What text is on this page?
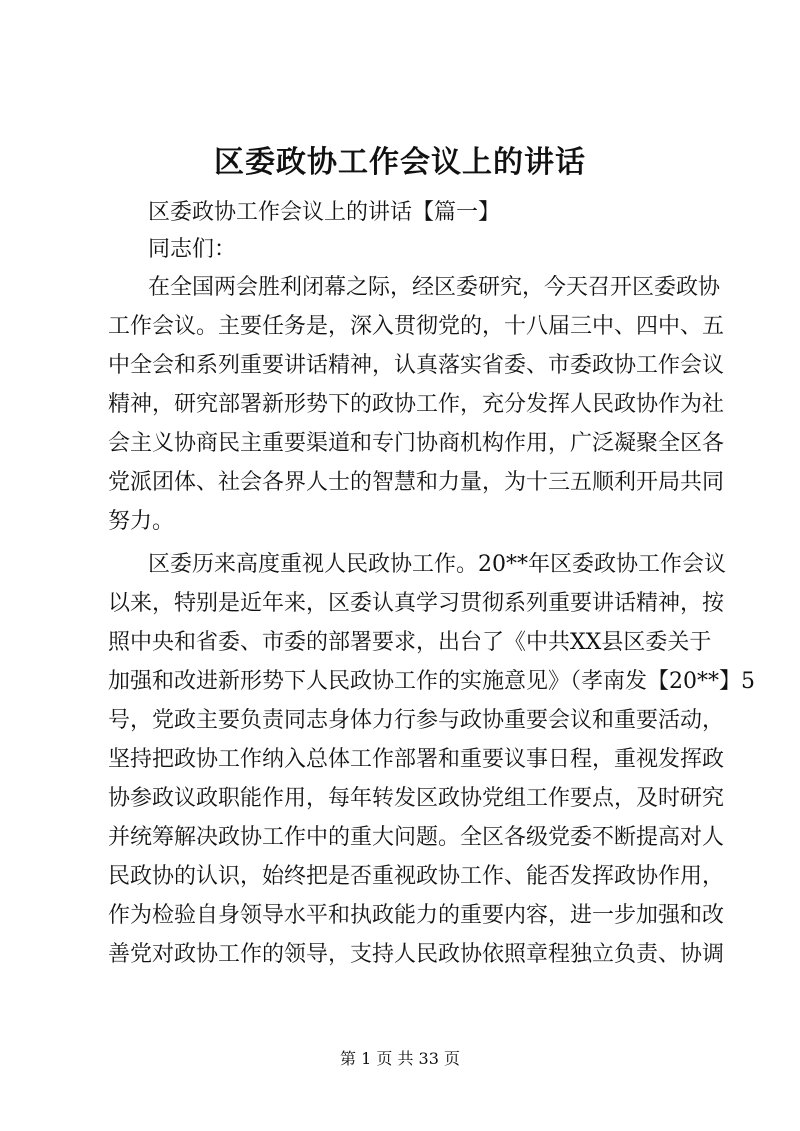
区委政协工作会议上的讲话
区委政协工作会议上的讲话【篇一】
同志们：
在全国两会胜利闭幕之际，经区委研究，今天召开区委政协
工作会议。主要任务是，深入贯彻党的，十八届三中、四中、五
中全会和系列重要讲话精神，认真落实省委、市委政协工作会议
精神，研究部署新形势下的政协工作，充分发挥人民政协作为社
会主义协商民主重要渠道和专门协商机构作用，广泛凝聚全区各
党派团体、社会各界人士的智慧和力量，为十三五顺利开局共同
努力。
区委历来高度重视人民政协工作。20**年区委政协工作会议
以来，特别是近年来，区委认真学习贯彻系列重要讲话精神，按
照中央和省委、市委的部署要求，出台了《中共XX县区委关于
加强和改进新形势下人民政协工作的实施意见》（孝南发【20**】5
号，党政主要负责同志身体力行参与政协重要会议和重要活动，
坚持把政协工作纳入总体工作部署和重要议事日程，重视发挥政
协参政议政职能作用，每年转发区政协党组工作要点，及时研究
并统筹解决政协工作中的重大问题。全区各级党委不断提高对人
民政协的认识，始终把是否重视政协工作、能否发挥政协作用，
作为检验自身领导水平和执政能力的重要内容，进一步加强和改
善党对政协工作的领导，支持人民政协依照章程独立负责、协调
第 1 页 共 33 页
